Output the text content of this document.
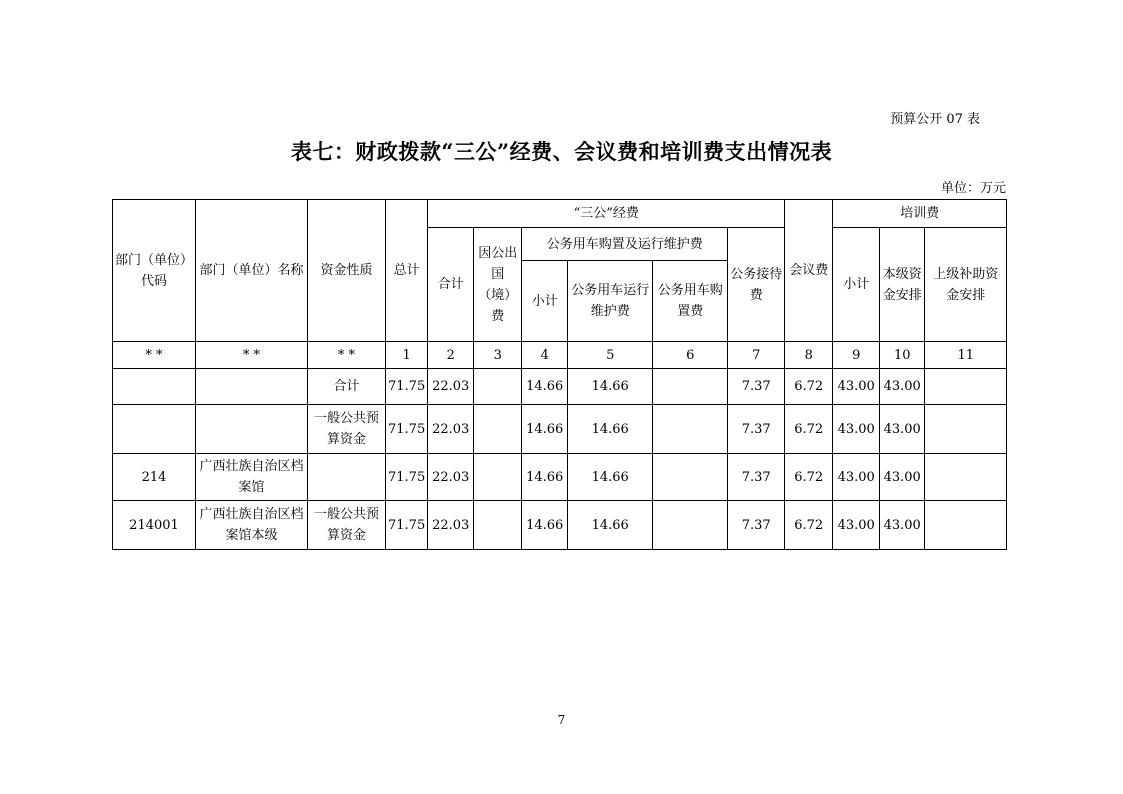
预算公开 07 表
表七：财政拨款“三公”经费、会议费和培训费支出情况表
单位：万元
部门（单位）代码	部门（单位）名称	资金性质	总计	“三公”经费						会议费	培训费		
				合计	因公出国（境）费	公务用车购置及运行维护费			公务接待费		小计	本级资金安排	上级补助资金安排
						小计	公务用车运行维护费	公务用车购置费					
* *	* *	* *	1	2	3	4	5	6	7	8	9	10	11
		合计	71.75	22.03		14.66	14.66		7.37	6.72	43.00	43.00	
		一般公共预算资金	71.75	22.03		14.66	14.66		7.37	6.72	43.00	43.00	
214	广西壮族自治区档案馆		71.75	22.03		14.66	14.66		7.37	6.72	43.00	43.00	
214001	广西壮族自治区档案馆本级	一般公共预算资金	71.75	22.03		14.66	14.66		7.37	6.72	43.00	43.00	
7
